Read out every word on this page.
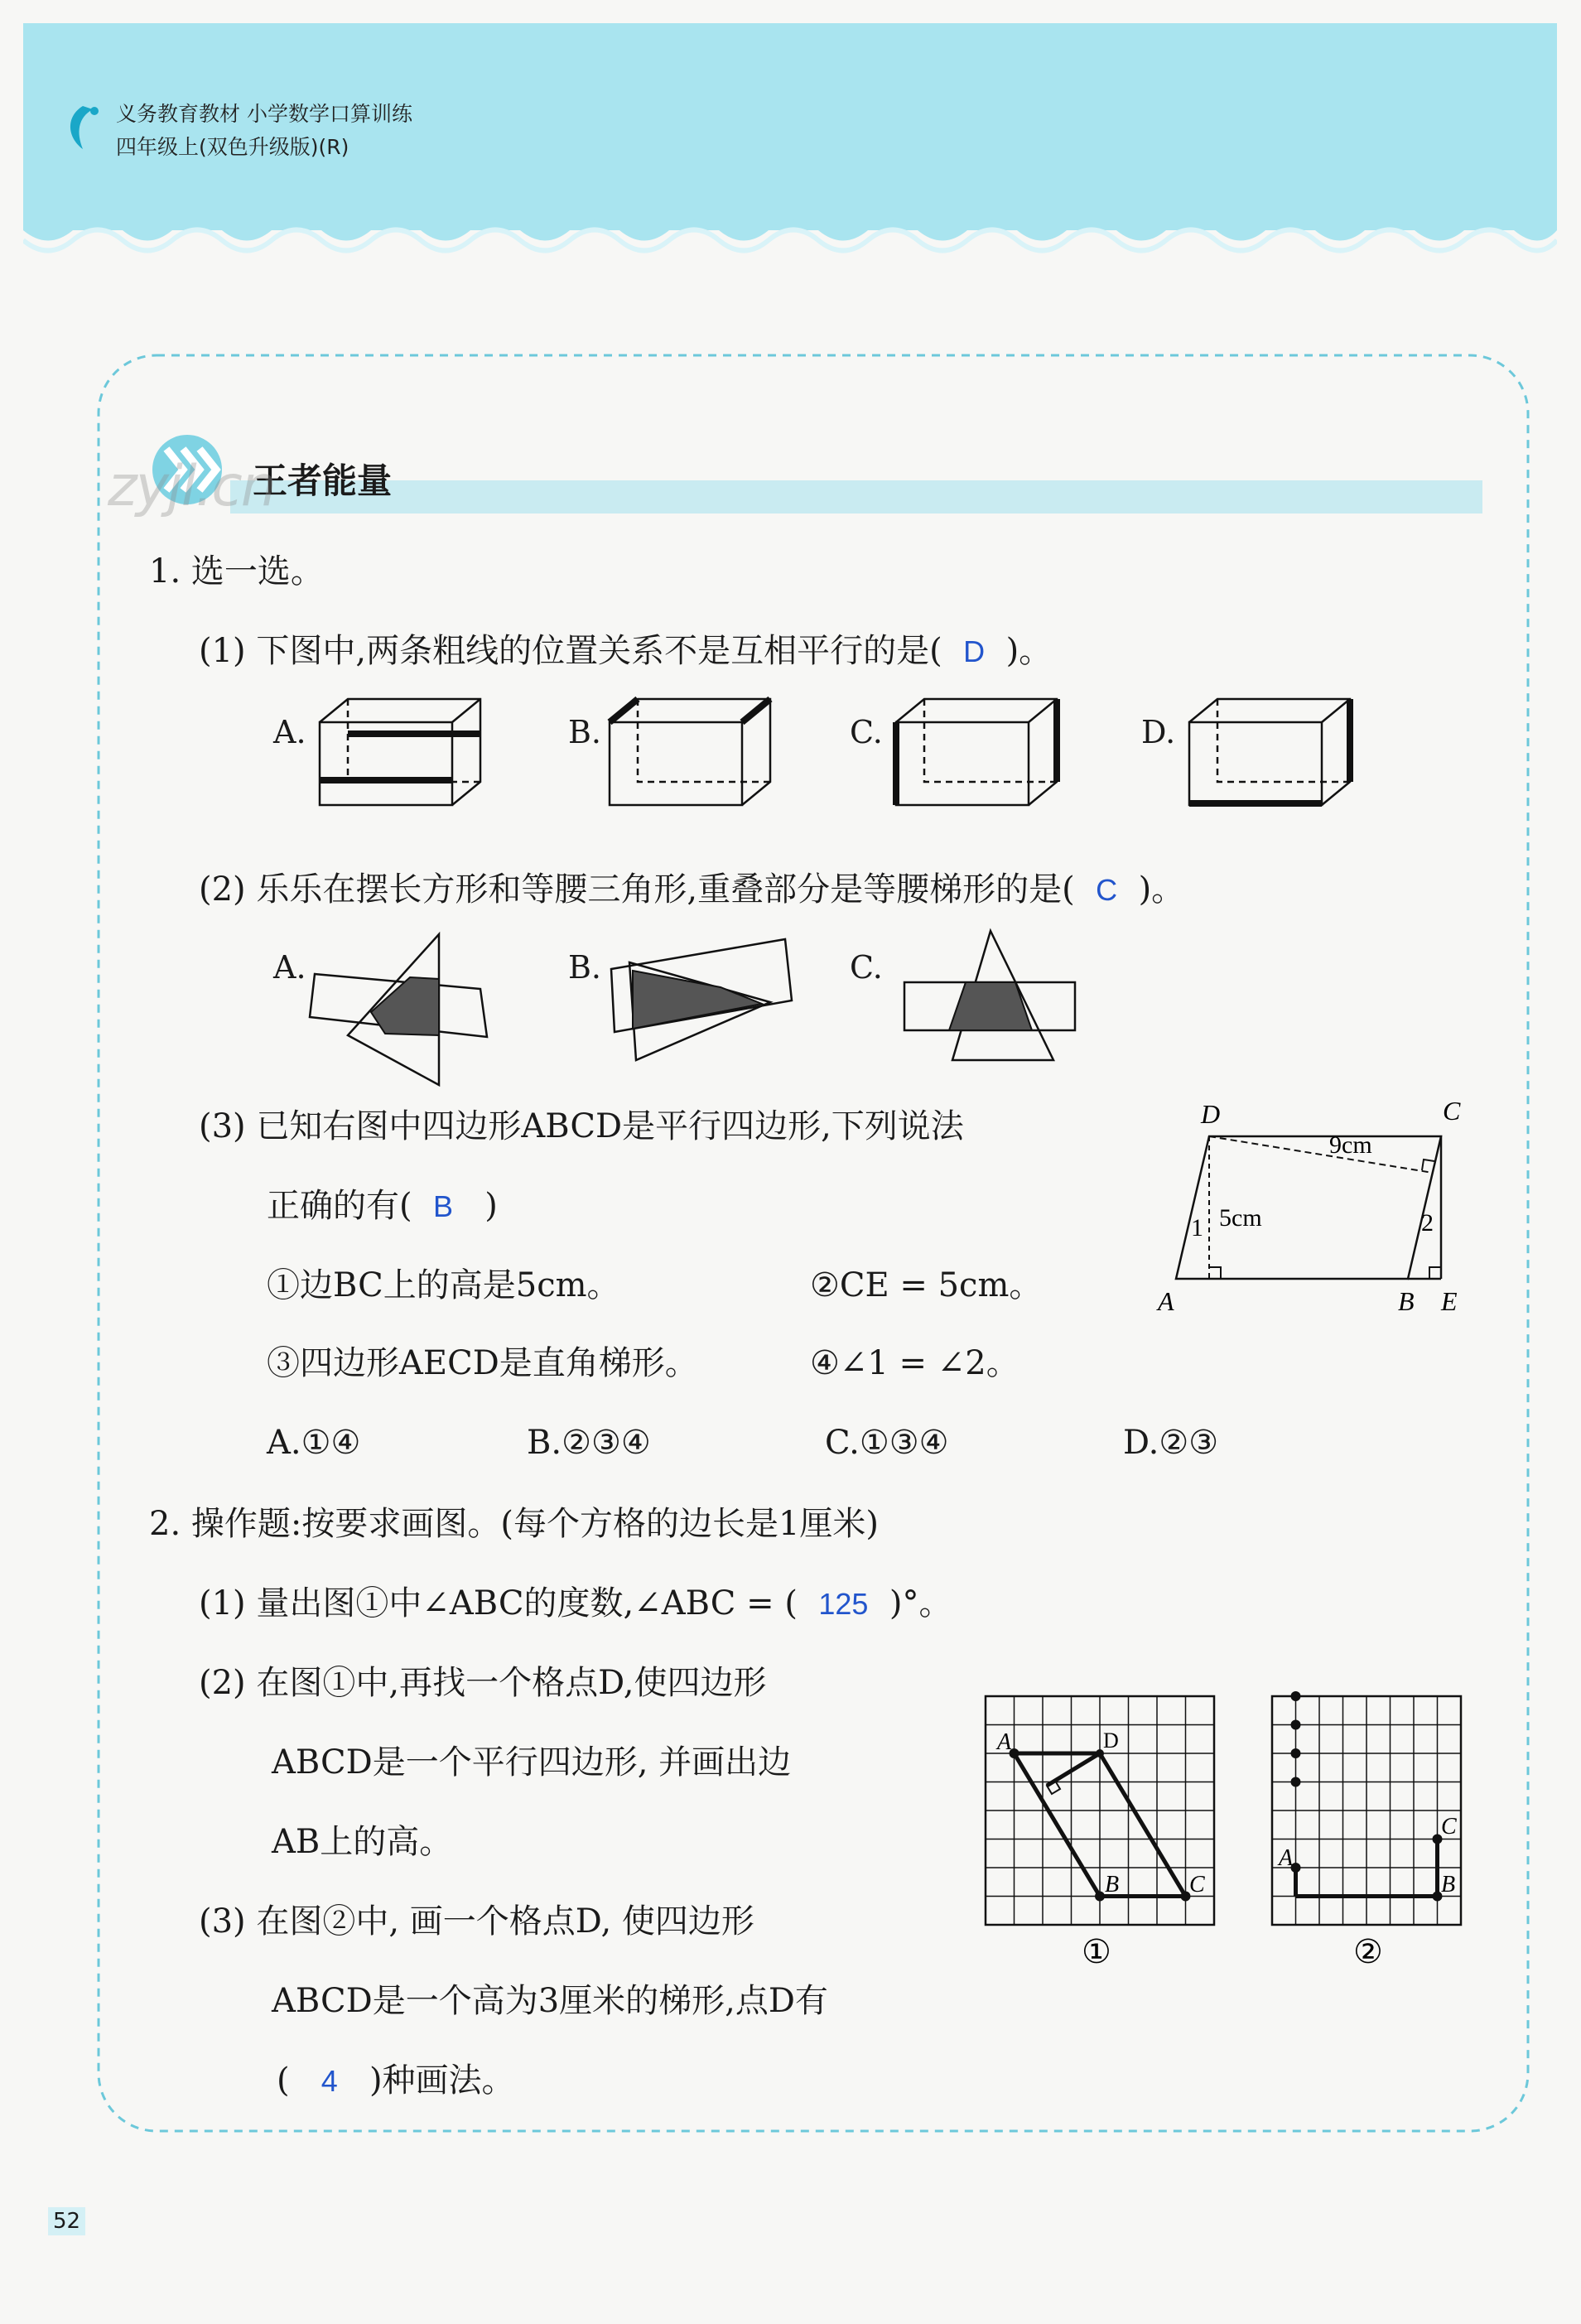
义务教育教材 小学数学口算训练
四年级上(双色升级版)(R)
王者能量
zyjl.cn
1. 选一选。
(1) 下图中,两条粗线的位置关系不是互相平行的是( D )。
A.	B.	C.	D.
(2) 乐乐在摆长方形和等腰三角形,重叠部分是等腰梯形的是( C )。
A.	B.	C.
(3) 已知右图中四边形ABCD是平行四边形,下列说法
正确的有( B )
①边BC上的高是5cm。	②CE = 5cm。
③四边形AECD是直角梯形。	④∠1 = ∠2。
A.①④	B.②③④	C.①③④	D.②③
D	C
A	B E
9cm
5cm
1	2
2. 操作题:按要求画图。(每个方格的边长是1厘米)
(1) 量出图①中∠ABC的度数,∠ABC = ( 125 )°。
(2) 在图①中,再找一个格点D,使四边形
ABCD是一个平行四边形, 并画出边
AB上的高。
(3) 在图②中, 画一个格点D, 使四边形
ABCD是一个高为3厘米的梯形,点D有
( 4 )种画法。
A	D
B	C
①
A
C
B
②
52
